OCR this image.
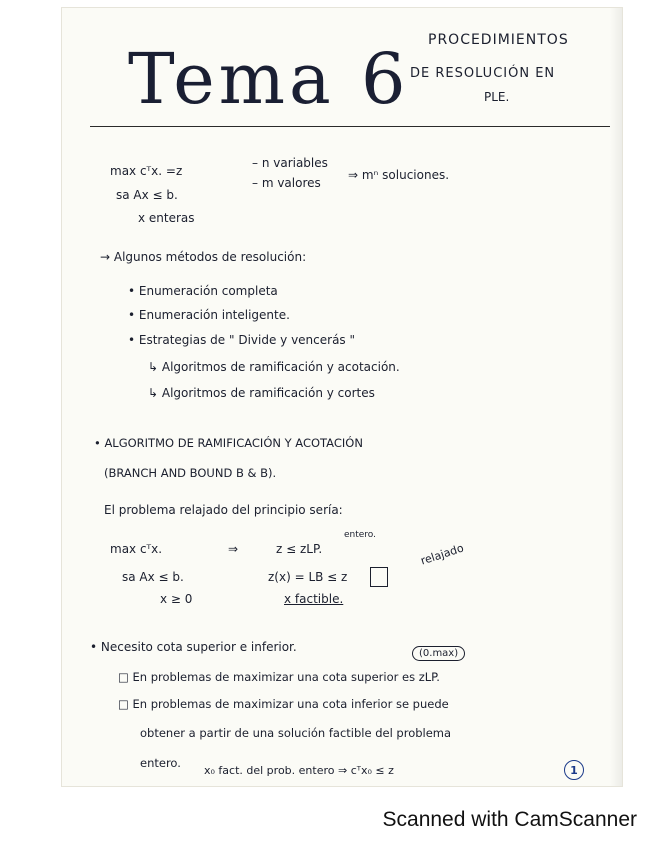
Tema 6 PROCEDIMIENTOS
DE RESOLUCIÓN EN
PLE.
max cᵀx. =z
sa Ax ≤ b.
x enteras
– n variables
– m valores
⇒ mⁿ soluciones.
→ Algunos métodos de resolución:
• Enumeración completa
• Enumeración inteligente.
• Estrategias de " Divide y vencerás "
↳ Algoritmos de ramificación y acotación.
↳ Algoritmos de ramificación y cortes
• ALGORITMO DE RAMIFICACIÓN Y ACOTACIÓN
(BRANCH AND BOUND B & B).
El problema relajado del principio sería:
max cᵀx.	⇒	z ≤ zLP.
entero.
sa Ax ≤ b.	z(x) = LB ≤ z
relajado
x ≥ 0	x factible.
• Necesito cota superior e inferior.	(0.max)
□ En problemas de maximizar una cota superior es zLP.
□ En problemas de maximizar una cota inferior se puede
obtener a partir de una solución factible del problema
entero.
x₀ fact. del prob. entero ⇒ cᵀx₀ ≤ z	1
Scanned with CamScanner
